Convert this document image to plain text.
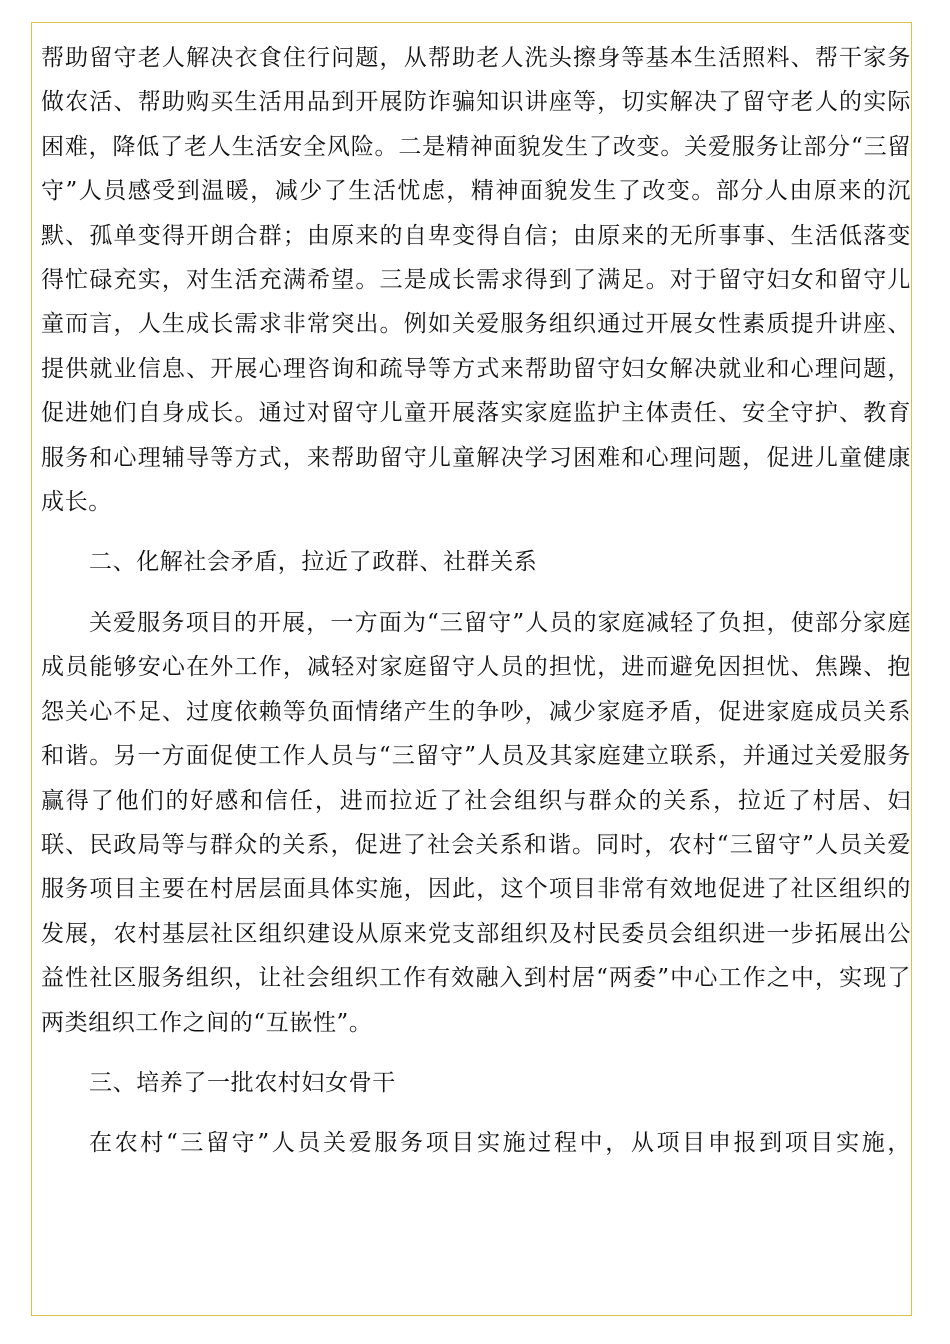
帮助留守老人解决衣食住行问题，从帮助老人洗头擦身等基本生活照料、帮干家务做农活、帮助购买生活用品到开展防诈骗知识讲座等，切实解决了留守老人的实际困难，降低了老人生活安全风险。二是精神面貌发生了改变。关爱服务让部分“三留守”人员感受到温暖，减少了生活忧虑，精神面貌发生了改变。部分人由原来的沉默、孤单变得开朗合群；由原来的自卑变得自信；由原来的无所事事、生活低落变得忙碌充实，对生活充满希望。三是成长需求得到了满足。对于留守妇女和留守儿童而言，人生成长需求非常突出。例如关爱服务组织通过开展女性素质提升讲座、提供就业信息、开展心理咨询和疏导等方式来帮助留守妇女解决就业和心理问题，促进她们自身成长。通过对留守儿童开展落实家庭监护主体责任、安全守护、教育服务和心理辅导等方式，来帮助留守儿童解决学习困难和心理问题，促进儿童健康成长。

二、化解社会矛盾，拉近了政群、社群关系

关爱服务项目的开展，一方面为“三留守”人员的家庭减轻了负担，使部分家庭成员能够安心在外工作，减轻对家庭留守人员的担忧，进而避免因担忧、焦躁、抱怨关心不足、过度依赖等负面情绪产生的争吵，减少家庭矛盾，促进家庭成员关系和谐。另一方面促使工作人员与“三留守”人员及其家庭建立联系，并通过关爱服务赢得了他们的好感和信任，进而拉近了社会组织与群众的关系，拉近了村居、妇联、民政局等与群众的关系，促进了社会关系和谐。同时，农村“三留守”人员关爱服务项目主要在村居层面具体实施，因此，这个项目非常有效地促进了社区组织的发展，农村基层社区组织建设从原来党支部组织及村民委员会组织进一步拓展出公益性社区服务组织，让社会组织工作有效融入到村居“两委”中心工作之中，实现了两类组织工作之间的“互嵌性”。

三、培养了一批农村妇女骨干

在农村“三留守”人员关爱服务项目实施过程中，从项目申报到项目实施，
